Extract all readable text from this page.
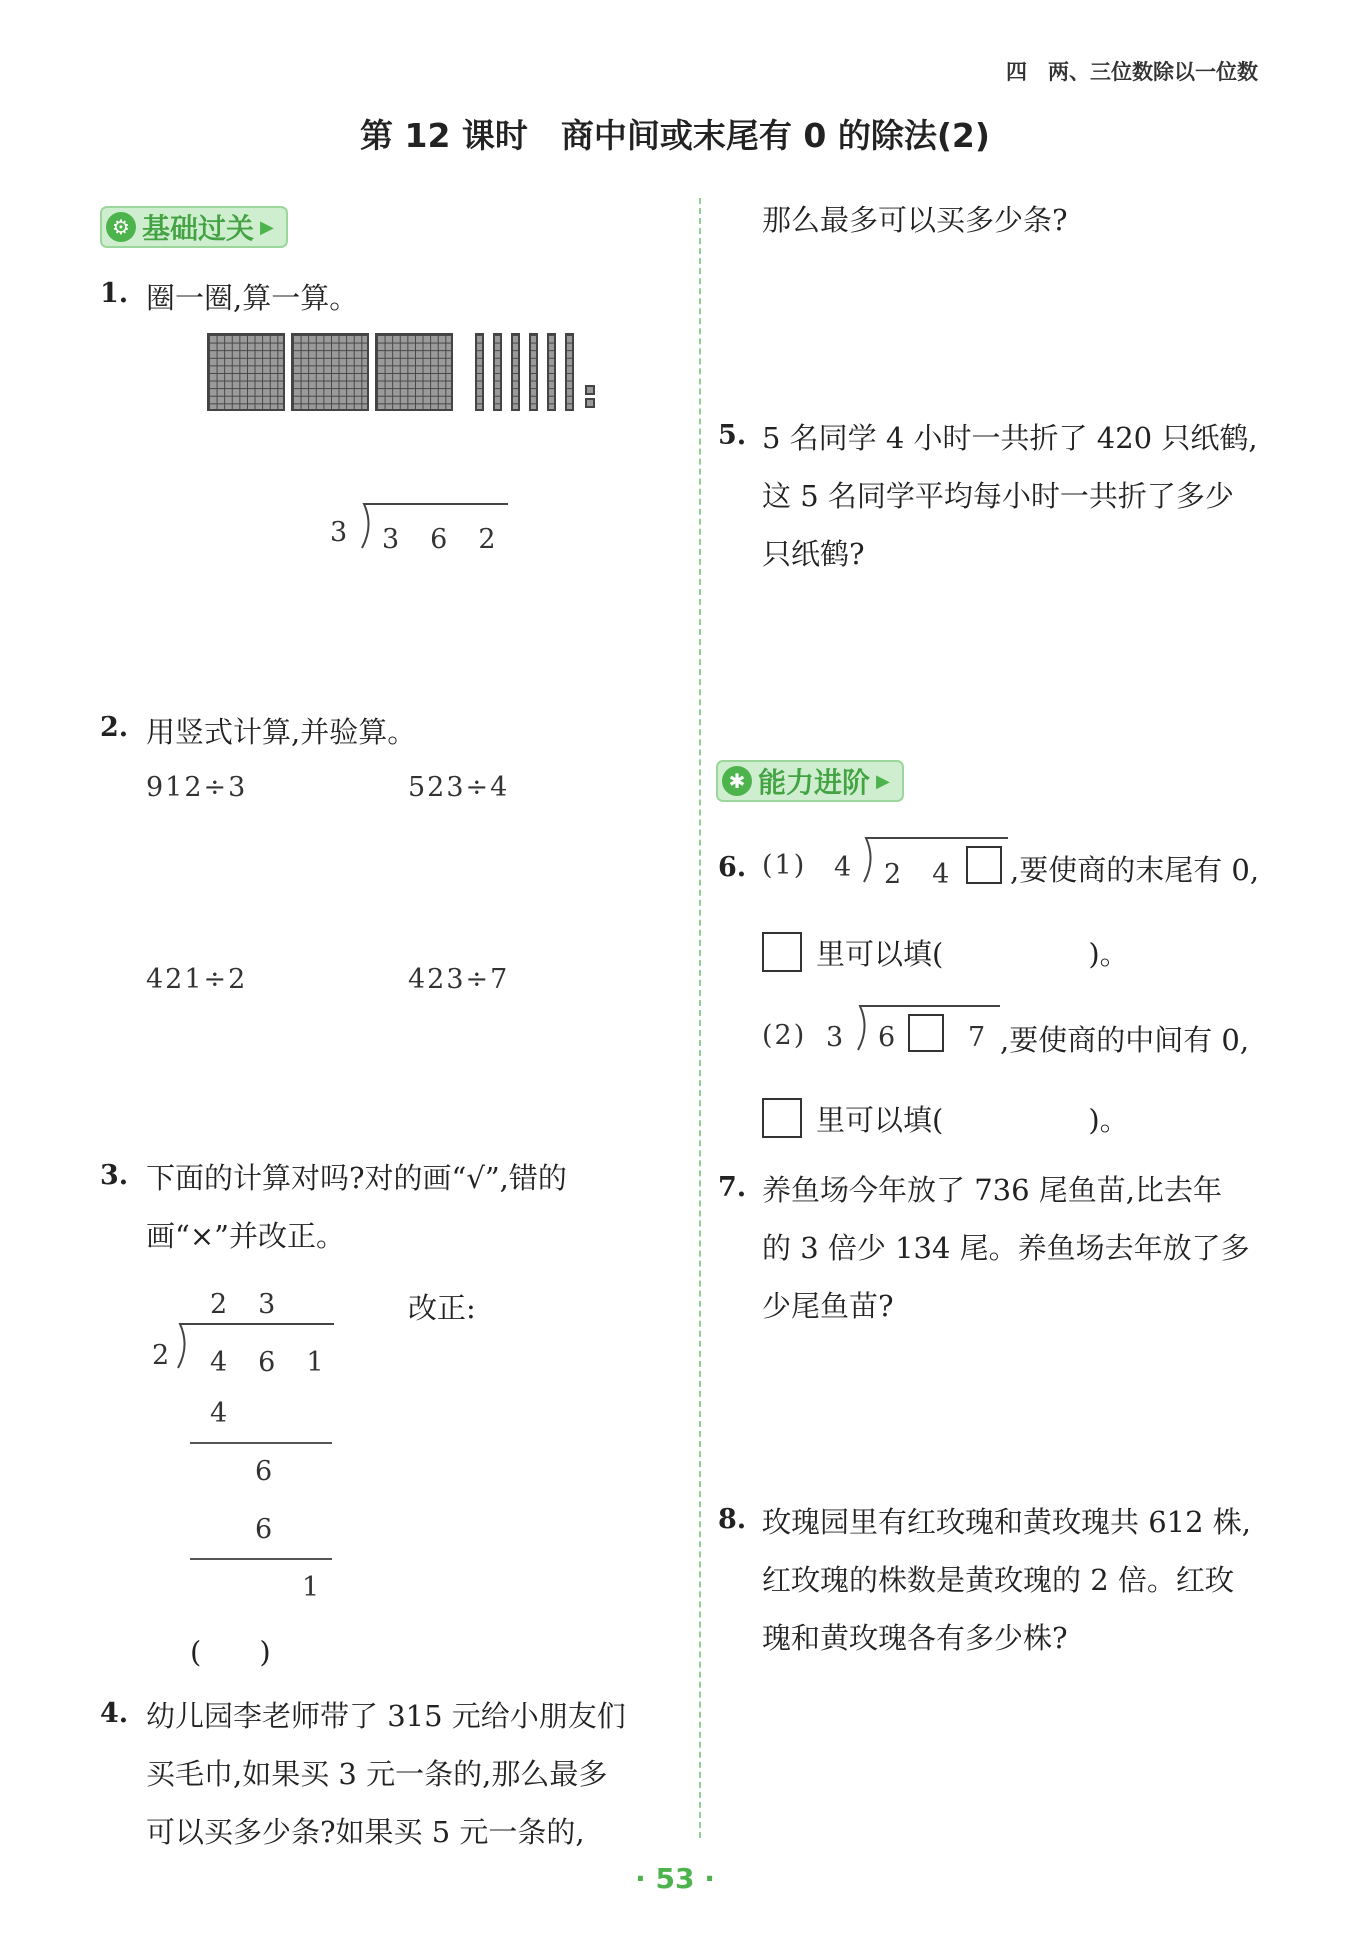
四　两、三位数除以一位数
第 12 课时　商中间或末尾有 0 的除法(2)
⚙ 基础过关 ▶
1. 圈一圈,算一算。
3 3　6　2
2. 用竖式计算,并验算。
912÷3	523÷4
421÷2	423÷7
3. 下面的计算对吗?对的画“√”,错的
画“×”并改正。
2　3
2 4　6　1
4
6
6
1
改正:
(　　)
4. 幼儿园李老师带了 315 元给小朋友们
买毛巾,如果买 3 元一条的,那么最多
可以买多少条?如果买 5 元一条的,
那么最多可以买多少条?
5. 5 名同学 4 小时一共折了 420 只纸鹤,
这 5 名同学平均每小时一共折了多少
只纸鹤?
✱ 能力进阶 ▶
6. (1) 4 2　4 ,要使商的末尾有 0,
里可以填(　　　　　)。
(2) 3 6	7 ,要使商的中间有 0,
里可以填(　　　　　)。
7. 养鱼场今年放了 736 尾鱼苗,比去年
的 3 倍少 134 尾。养鱼场去年放了多
少尾鱼苗?
8. 玫瑰园里有红玫瑰和黄玫瑰共 612 株,
红玫瑰的株数是黄玫瑰的 2 倍。红玫
瑰和黄玫瑰各有多少株?
· 53 ·
